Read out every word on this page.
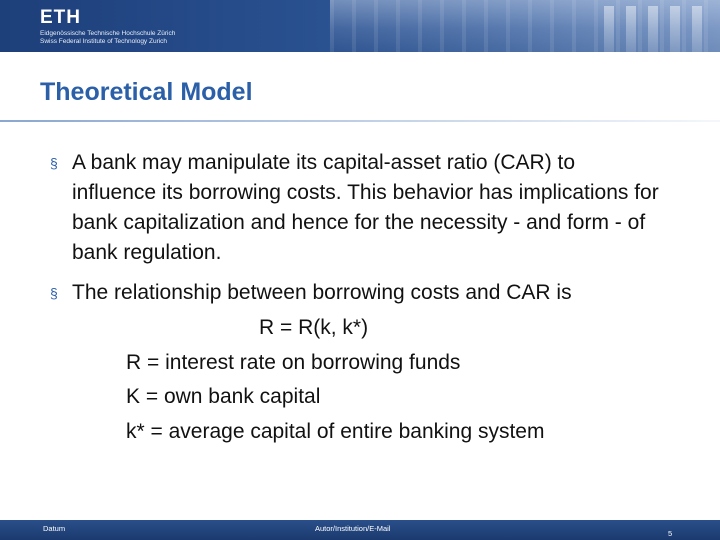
ETH
Eidgenössische Technische Hochschule Zürich
Swiss Federal Institute of Technology Zurich
Theoretical Model
§ A bank may manipulate its capital-asset ratio (CAR) to influence its borrowing costs. This behavior has implications for bank capitalization and hence for the necessity - and form - of bank regulation.
§ The relationship between borrowing costs and CAR is
R = R(k, k*)
R = interest rate on borrowing funds
K = own bank capital
k* = average capital of entire banking system
Datum	Autor/Institution/E-Mail
5
